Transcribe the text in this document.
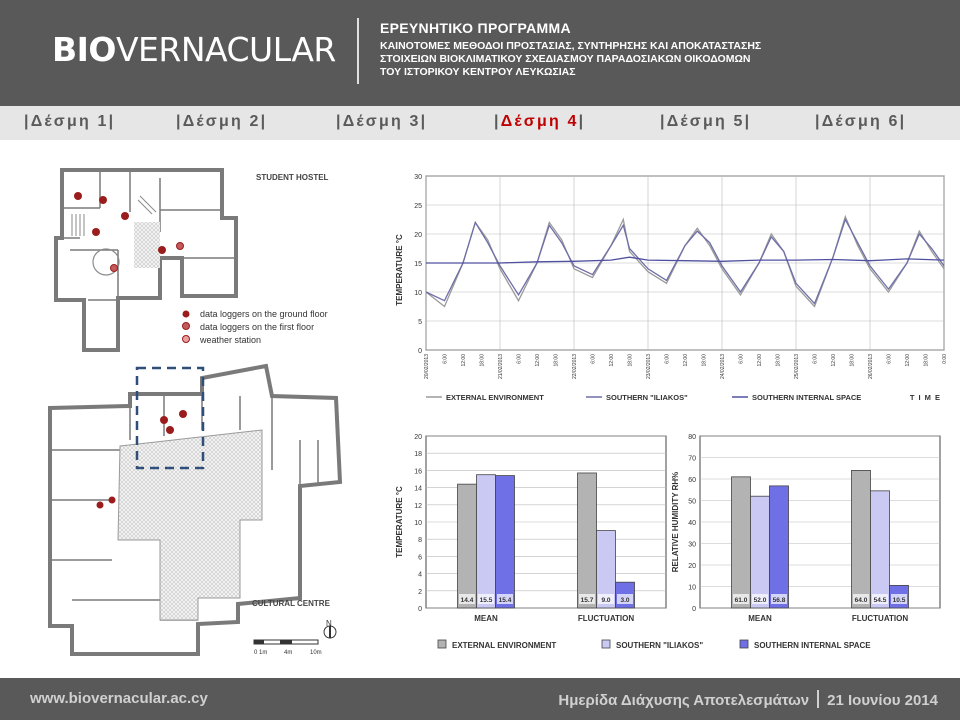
BIOVERNACULAR
ΕΡΕΥΝΗΤΙΚΟ ΠΡΟΓΡΑΜΜΑ
ΚΑΙΝΟΤΟΜΕΣ ΜΕΘΟΔΟΙ ΠΡΟΣΤΑΣΙΑΣ, ΣΥΝΤΗΡΗΣΗΣ ΚΑΙ ΑΠΟΚΑΤΑΣΤΑΣΗΣ
ΣΤΟΙΧΕΙΩΝ ΒΙΟΚΛΙΜΑΤΙΚΟΥ ΣΧΕΔΙΑΣΜΟΥ ΠΑΡΑΔΟΣΙΑΚΩΝ ΟΙΚΟΔΟΜΩΝ
ΤΟΥ ΙΣΤΟΡΙΚΟΥ ΚΕΝΤΡΟΥ ΛΕΥΚΩΣΙΑΣ
|Δέσμη 1|	|Δέσμη 2|	|Δέσμη 3|	|Δέσμη 4|	|Δέσμη 5|	|Δέσμη 6|
STUDENT HOSTEL
data loggers on the ground floor
data loggers on the first floor
weather station
CULTURAL CENTRE
N
0 1m	4m	10m
0
5
10
15
20
25
30
20/02/2013	6:00	12:00	18:00	21/02/2013	6:00	12:00	18:00	22/02/2013	6:00	12:00	18:00	23/02/2013	6:00	12:00	18:00	24/02/2013	6:00	12:00	18:00	25/02/2013	6:00	12:00	18:00	26/02/2013	6:00	12:00	18:00	0:00
TEMPERATURE °C
T I M E
EXTERNAL ENVIRONMENT	SOUTHERN "ILIAKOS"	SOUTHERN INTERNAL SPACE
0
2
4
6
8
10
12
14
16
18
20
14.4 15.5 15.4
MEAN
15.7 9.0 3.0
FLUCTUATION
TEMPERATURE °C
0
10
20
30
40
50
60
70
80
61.0 52.0 56.8
MEAN
64.0 54.5 10.5
FLUCTUATION
RELATIVE HUMIDITY RH%
EXTERNAL ENVIRONMENT	SOUTHERN "ILIAKOS"	SOUTHERN INTERNAL SPACE
www.biovernacular.ac.cy	Ημερίδα Διάχυσης Αποτελεσμάτων 21 Ιουνίου 2014
